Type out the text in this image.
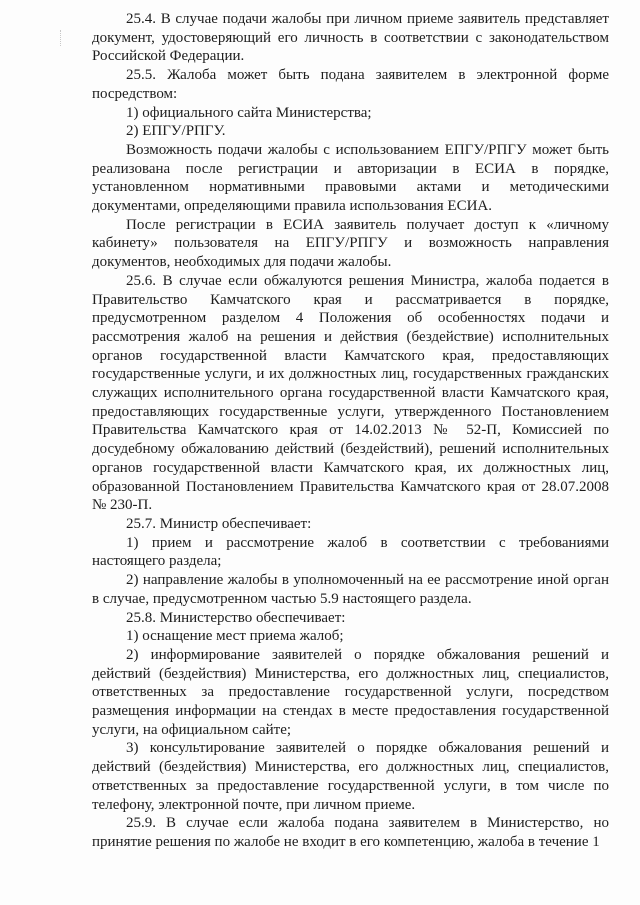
25.4. В случае подачи жалобы при личном приеме заявитель представляет документ, удостоверяющий его личность в соответствии с законодательством Российской Федерации.

25.5. Жалоба может быть подана заявителем в электронной форме посредством:

1) официального сайта Министерства;

2) ЕПГУ/РПГУ.

Возможность подачи жалобы с использованием ЕПГУ/РПГУ может быть реализована после регистрации и авторизации в ЕСИА в порядке, установленном нормативными правовыми актами и методическими документами, определяющими правила использования ЕСИА.

После регистрации в ЕСИА заявитель получает доступ к «личному кабинету» пользователя на ЕПГУ/РПГУ и возможность направления документов, необходимых для подачи жалобы.

25.6. В случае если обжалуются решения Министра, жалоба подается в Правительство Камчатского края и рассматривается в порядке, предусмотренном разделом 4 Положения об особенностях подачи и рассмотрения жалоб на решения и действия (бездействие) исполнительных органов государственной власти Камчатского края, предоставляющих государственные услуги, и их должностных лиц, государственных гражданских служащих исполнительного органа государственной власти Камчатского края, предоставляющих государственные услуги, утвержденного Постановлением Правительства Камчатского края от 14.02.2013 № 52-П, Комиссией по досудебному обжалованию действий (бездействий), решений исполнительных органов государственной власти Камчатского края, их должностных лиц, образованной Постановлением Правительства Камчатского края от 28.07.2008 № 230-П.

25.7. Министр обеспечивает:

1) прием и рассмотрение жалоб в соответствии с требованиями настоящего раздела;

2) направление жалобы в уполномоченный на ее рассмотрение иной орган в случае, предусмотренном частью 5.9 настоящего раздела.

25.8. Министерство обеспечивает:

1) оснащение мест приема жалоб;

2) информирование заявителей о порядке обжалования решений и действий (бездействия) Министерства, его должностных лиц, специалистов, ответственных за предоставление государственной услуги, посредством размещения информации на стендах в месте предоставления государственной услуги, на официальном сайте;

3) консультирование заявителей о порядке обжалования решений и действий (бездействия) Министерства, его должностных лиц, специалистов, ответственных за предоставление государственной услуги, в том числе по телефону, электронной почте, при личном приеме.

25.9. В случае если жалоба подана заявителем в Министерство, но принятие решения по жалобе не входит в его компетенцию, жалоба в течение 1
